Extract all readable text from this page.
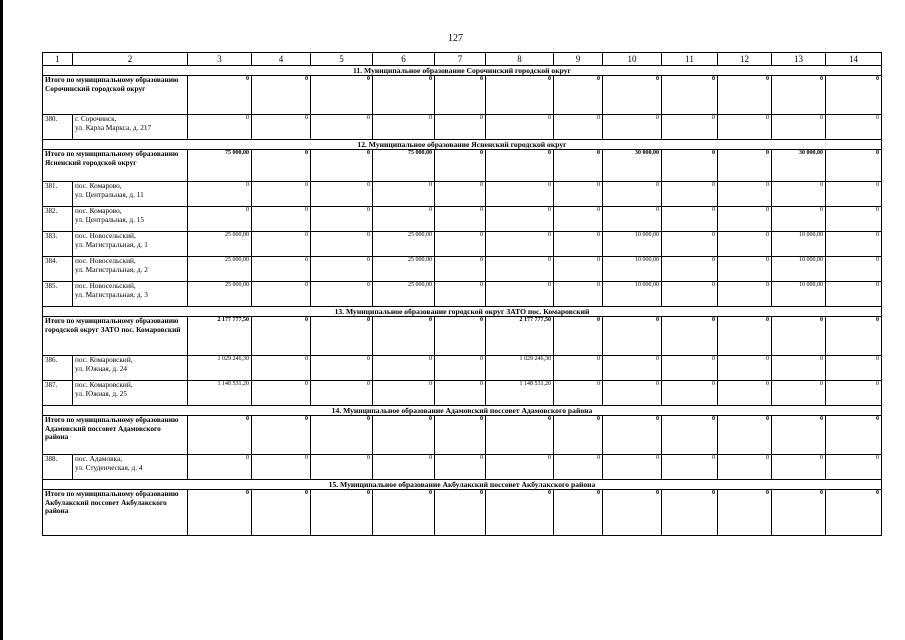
127
1	2	3	4	5	6	7	8	9	10	11	12	13	14
11. Муниципальное образование Сорочинский городской округ													
Итого по муниципальному образованию Сорочинский городской округ		0	0	0	0	0	0	0	0	0	0	0	0
380.	г. Сорочинск,
ул. Карла Маркса, д. 217	0	0	0	0	0	0	0	0	0	0	0	0
12. Муниципальное образование Ясненский городской округ													
Итого по муниципальному образованию Ясненский городской округ		75 000,00	0	0	75 000,00	0	0	0	30 000,00	0	0	30 000,00	0
381.	пос. Комарово,
ул. Центральная, д. 11	0	0	0	0	0	0	0	0	0	0	0	0
382.	пос. Комарово,
ул. Центральная, д. 15	0	0	0	0	0	0	0	0	0	0	0	0
383.	пос. Новосельский,
ул. Магистральная, д. 1	25 000,00	0	0	25 000,00	0	0	0	10 000,00	0	0	10 000,00	0
384.	пос. Новосельский,
ул. Магистральная, д. 2	25 000,00	0	0	25 000,00	0	0	0	10 000,00	0	0	10 000,00	0
385.	пос. Новосельский,
ул. Магистральная, д. 3	25 000,00	0	0	25 000,00	0	0	0	10 000,00	0	0	10 000,00	0
13. Муниципальное образование городской округ ЗАТО пос. Комаровский													
Итого по муниципальному образованию городской округ ЗАТО пос. Комаровский		2 177 777,50	0	0	0	0	2 177 777,50	0	0	0	0	0	0
386.	пос. Комаровский,
ул. Южная, д. 24	1 029 246,30	0	0	0	0	1 029 246,30	0	0	0	0	0	0
387.	пос. Комаровский,
ул. Южная, д. 25	1 148 531,20	0	0	0	0	1 148 531,20	0	0	0	0	0	0
14. Муниципальное образование Адамовский поссовет Адамовского района													
Итого по муниципальному образованию Адамовский поссовет Адамовского района		0	0	0	0	0	0	0	0	0	0	0	0
388.	пос. Адамовка,
ул. Студенческая, д. 4	0	0	0	0	0	0	0	0	0	0	0	0
15. Муниципальное образование Акбулакский поссовет Акбулакского района													
Итого по муниципальному образованию Акбулакский поссовет Акбулакского района		0	0	0	0	0	0	0	0	0	0	0	0
